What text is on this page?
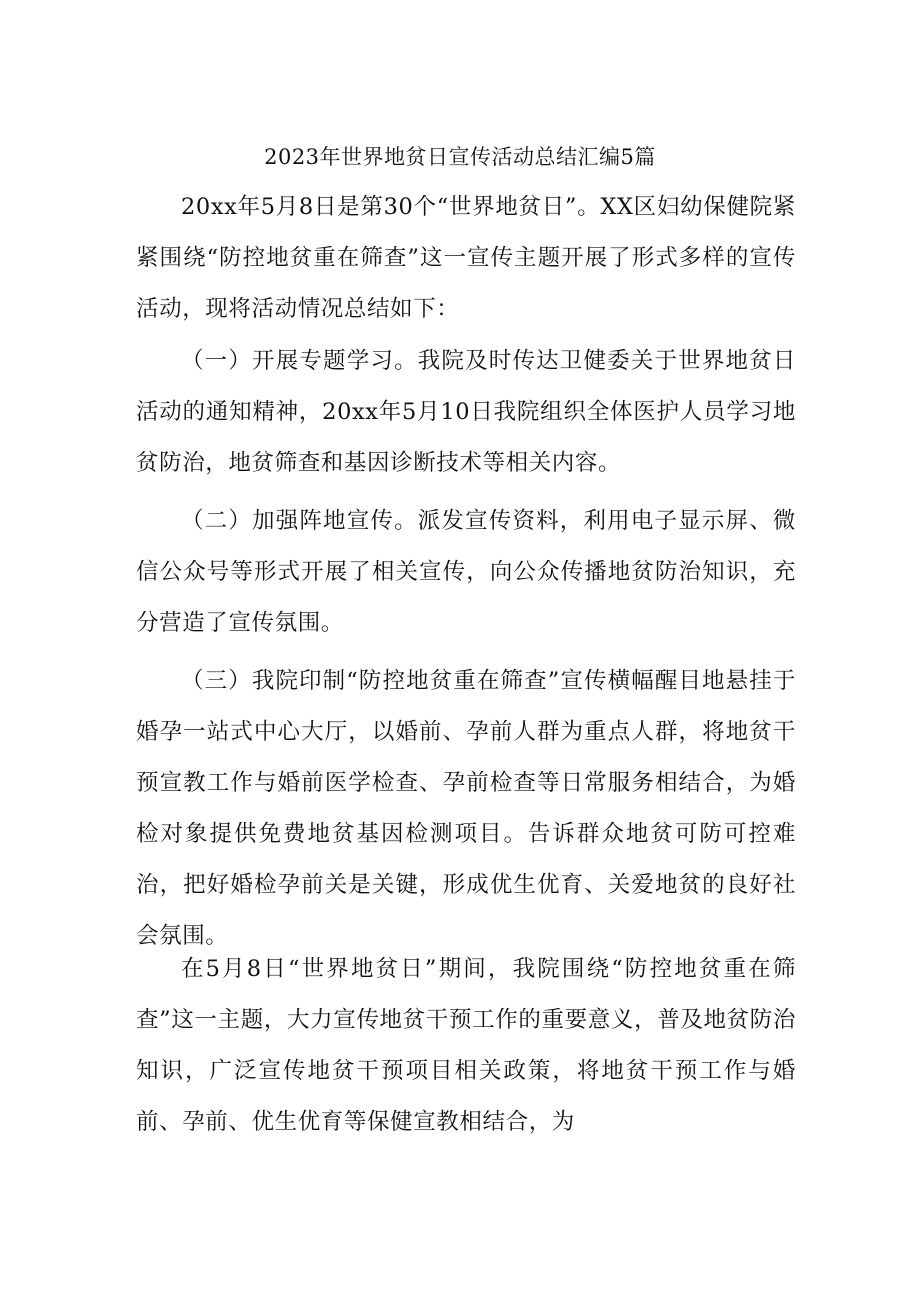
2023年世界地贫日宣传活动总结汇编5篇

20xx年5月8日是第30个“世界地贫日”。XX区妇幼保健院紧紧围绕“防控地贫重在筛查”这一宣传主题开展了形式多样的宣传活动，现将活动情况总结如下：

（一）开展专题学习。我院及时传达卫健委关于世界地贫日活动的通知精神，20xx年5月10日我院组织全体医护人员学习地贫防治，地贫筛查和基因诊断技术等相关内容。

（二）加强阵地宣传。派发宣传资料，利用电子显示屏、微信公众号等形式开展了相关宣传，向公众传播地贫防治知识，充分营造了宣传氛围。

（三）我院印制“防控地贫重在筛查”宣传横幅醒目地悬挂于婚孕一站式中心大厅，以婚前、孕前人群为重点人群，将地贫干预宣教工作与婚前医学检查、孕前检查等日常服务相结合，为婚检对象提供免费地贫基因检测项目。告诉群众地贫可防可控难治，把好婚检孕前关是关键，形成优生优育、关爱地贫的良好社会氛围。

在5月8日“世界地贫日”期间，我院围绕“防控地贫重在筛查”这一主题，大力宣传地贫干预工作的重要意义，普及地贫防治知识，广泛宣传地贫干预项目相关政策，将地贫干预工作与婚前、孕前、优生优育等保健宣教相结合，为
